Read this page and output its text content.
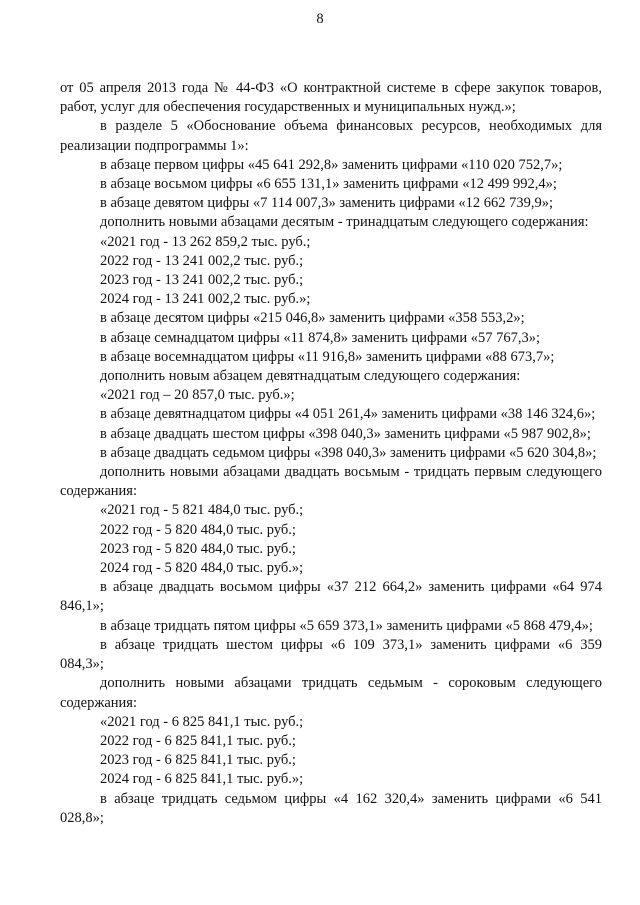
8

от 05 апреля 2013 года № 44-ФЗ «О контрактной системе в сфере закупок товаров, работ, услуг для обеспечения государственных и муниципальных нужд.»;

в разделе 5 «Обоснование объема финансовых ресурсов, необходимых для реализации подпрограммы 1»:

в абзаце первом цифры «45 641 292,8» заменить цифрами «110 020 752,7»;

в абзаце восьмом цифры «6 655 131,1» заменить цифрами «12 499 992,4»;

в абзаце девятом цифры «7 114 007,3» заменить цифрами «12 662 739,9»;

дополнить новыми абзацами десятым - тринадцатым следующего содержания:

«2021 год - 13 262 859,2 тыс. руб.;

2022 год - 13 241 002,2 тыс. руб.;

2023 год - 13 241 002,2 тыс. руб.;

2024 год - 13 241 002,2 тыс. руб.»;

в абзаце десятом цифры «215 046,8» заменить цифрами «358 553,2»;

в абзаце семнадцатом цифры «11 874,8» заменить цифрами «57 767,3»;

в абзаце восемнадцатом цифры «11 916,8» заменить цифрами «88 673,7»;

дополнить новым абзацем девятнадцатым следующего содержания:

«2021 год – 20 857,0 тыс. руб.»;

в абзаце девятнадцатом цифры «4 051 261,4» заменить цифрами «38 146 324,6»;

в абзаце двадцать шестом цифры «398 040,3» заменить цифрами «5 987 902,8»;

в абзаце двадцать седьмом цифры «398 040,3» заменить цифрами «5 620 304,8»;

дополнить новыми абзацами двадцать восьмым - тридцать первым следующего содержания:

«2021 год - 5 821 484,0 тыс. руб.;

2022 год - 5 820 484,0 тыс. руб.;

2023 год - 5 820 484,0 тыс. руб.;

2024 год - 5 820 484,0 тыс. руб.»;

в абзаце двадцать восьмом цифры «37 212 664,2» заменить цифрами «64 974 846,1»;

в абзаце тридцать пятом цифры «5 659 373,1» заменить цифрами «5 868 479,4»;

в абзаце тридцать шестом цифры «6 109 373,1» заменить цифрами «6 359 084,3»;

дополнить новыми абзацами тридцать седьмым - сороковым следующего содержания:

«2021 год - 6 825 841,1 тыс. руб.;

2022 год - 6 825 841,1 тыс. руб.;

2023 год - 6 825 841,1 тыс. руб.;

2024 год - 6 825 841,1 тыс. руб.»;

в абзаце тридцать седьмом цифры «4 162 320,4» заменить цифрами «6 541 028,8»;
